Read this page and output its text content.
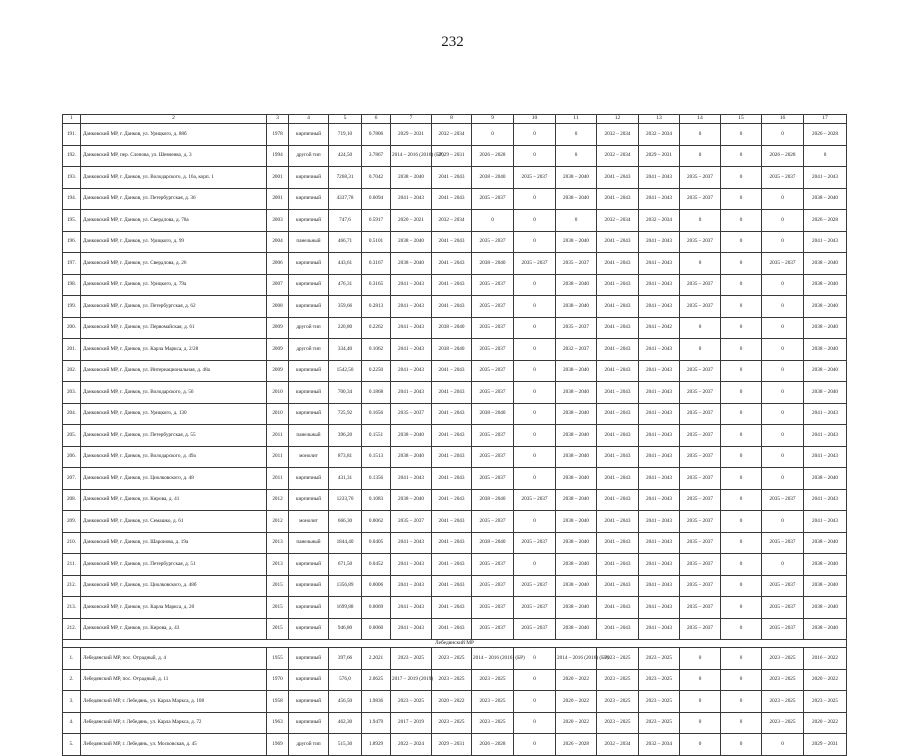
232
1	2	3	4	5	6	7	8	9	10	11	12	13	14	15	16	17
191.	Данковский МР, г. Данков, ул. Урицкого, д. 88б	1978	кирпичный	719,10	0.7806	2029 – 2031	2032 – 2034	0	0	0	2032 – 2034	2032 – 2034	0	0	0	2026 – 2028
192.	Данковский МР, пер. Слепова, ул. Шевченко, д. 3	1994	другой тип	424,50	3.7867	2014 – 2016 (2016) (БР)	2029 – 2031	2026 – 2028	0	0	2032 – 2034	2029 – 2031	0	0	2026 – 2028	0
193.	Данковский МР, г. Данков, ул. Володарского, д. 16а, корп. 1	2001	кирпичный	7268,31	0.7042	2038 – 2040	2041 – 2043	2038 – 2040	2035 – 2037	2038 – 2040	2041 – 2043	2041 – 2043	2035 – 2037	0	2035 – 2037	2041 – 2043
194.	Данковский МР, г. Данков, ул. Петербургская, д. 36	2001	кирпичный	4337,78	0.6094	2041 – 2043	2041 – 2043	2035 – 2037	0	2038 – 2040	2041 – 2043	2041 – 2043	2035 – 2037	0	0	2038 – 2040
195.	Данковский МР, г. Данков, ул. Свердлова, д. 78а	2003	кирпичный	747,6	0.5917	2020 – 2021	2032 – 2034	0	0	0	2032 – 2034	2032 – 2034	0	0	0	2026 – 2028
196.	Данковский МР, г. Данков, ул. Урицкого, д. 99	2004	панельный	466,71	0.5101	2038 – 2040	2041 – 2043	2035 – 2037	0	2038 – 2040	2041 – 2043	2041 – 2043	2035 – 2037	0	0	2041 – 2043
197.	Данковский МР, г. Данков, ул. Свердлова, д. 26	2006	кирпичный	443,61	0.3167	2038 – 2040	2041 – 2043	2038 – 2040	2035 – 2037	2035 – 2037	2041 – 2043	2041 – 2043	0	0	2035 – 2037	2038 – 2040
198.	Данковский МР, г. Данков, ул. Урицкого, д. 79а	2007	кирпичный	476,31	0.3165	2041 – 2043	2041 – 2043	2035 – 2037	0	2038 – 2040	2041 – 2043	2041 – 2043	2035 – 2037	0	0	2038 – 2040
199.	Данковский МР, г. Данков, ул. Петербургская, д. 62	2008	кирпичный	359,66	0.2813	2041 – 2043	2041 – 2043	2035 – 2037	0	2038 – 2040	2041 – 2043	2041 – 2043	2035 – 2037	0	0	2038 – 2040
200.	Данковский МР, г. Данков, ул. Первомайская, д. 61	2009	другой тип	220,80	0.2262	2041 – 2043	2038 – 2040	2035 – 2037	0	2035 – 2037	2041 – 2043	2041 – 2042	0	0	0	2038 – 2040
201.	Данковский МР, г. Данков, ул. Карла Маркса, д. 2/28	2009	другой тип	334,40	0.1062	2041 – 2043	2038 – 2040	2035 – 2037	0	2032 – 2037	2041 – 2043	2041 – 2043	0	0	0	2038 – 2040
202.	Данковский МР, г. Данков, ул. Интернациональная, д. 48а	2009	кирпичный	1542,50	0.2250	2041 – 2043	2041 – 2043	2035 – 2037	0	2038 – 2040	2041 – 2043	2041 – 2043	2035 – 2037	0	0	2038 – 2040
203.	Данковский МР, г. Данков, ул. Володарского, д. 56	2010	кирпичный	700,34	0.1868	2041 – 2043	2041 – 2043	2035 – 2037	0	2038 – 2040	2041 – 2043	2041 – 2043	2035 – 2037	0	0	2038 – 2040
204.	Данковский МР, г. Данков, ул. Урицкого, д. 130	2010	кирпичный	725,92	0.1656	2035 – 2037	2041 – 2043	2038 – 2040	0	2038 – 2040	2041 – 2043	2041 – 2043	2035 – 2037	0	0	2041 – 2043
205.	Данковский МР, г. Данков, ул. Петербургская, д. 55	2011	панельный	396,20	0.1551	2038 – 2040	2041 – 2043	2035 – 2037	0	2038 – 2040	2041 – 2043	2041 – 2043	2035 – 2037	0	0	2041 – 2043
206.	Данковский МР, г. Данков, ул. Володарского, д. 49а	2011	монолит	873,81	0.1513	2038 – 2040	2041 – 2043	2035 – 2037	0	2038 – 2040	2041 – 2043	2041 – 2043	2035 – 2037	0	0	2041 – 2043
207.	Данковский МР, г. Данков, ул. Циолковского, д. 48	2011	кирпичный	431,31	0.1356	2041 – 2043	2041 – 2043	2035 – 2037	0	2038 – 2040	2041 – 2043	2041 – 2043	2035 – 2037	0	0	2038 – 2040
208.	Данковский МР, г. Данков, ул. Кирова, д. 41	2012	кирпичный	1233,70	0.1083	2038 – 2040	2041 – 2043	2038 – 2040	2035 – 2037	2038 – 2040	2041 – 2043	2041 – 2043	2035 – 2037	0	2035 – 2037	2041 – 2043
209.	Данковский МР, г. Данков, ул. Семашко, д. 61	2012	монолит	666,30	0.0062	2035 – 2037	2041 – 2043	2035 – 2037	0	2038 – 2040	2041 – 2043	2041 – 2043	2035 – 2037	0	0	2041 – 2043
210.	Данковский МР, г. Данков, ул. Шаронова, д. 19а	2013	панельный	1844,40	0.0405	2041 – 2043	2041 – 2043	2038 – 2040	2035 – 2037	2038 – 2040	2041 – 2043	2041 – 2043	2035 – 2037	0	2035 – 2037	2038 – 2040
211.	Данковский МР, г. Данков, ул. Петербургская, д. 51	2013	кирпичный	671,50	0.0452	2041 – 2043	2041 – 2043	2035 – 2037	0	2038 – 2040	2041 – 2043	2041 – 2043	2035 – 2037	0	0	2038 – 2040
212.	Данковский МР, г. Данков, ул. Циолковского, д. 48б	2015	кирпичный	1356,89	0.0006	2041 – 2043	2041 – 2043	2035 – 2037	2035 – 2037	2038 – 2040	2041 – 2043	2041 – 2043	2035 – 2037	0	2035 – 2037	2038 – 2040
213.	Данковский МР, г. Данков, ул. Карла Маркса, д. 20	2015	кирпичный	1699,88	0.0069	2041 – 2043	2041 – 2043	2035 – 2037	2035 – 2037	2038 – 2040	2041 – 2043	2041 – 2043	2035 – 2037	0	2035 – 2037	2038 – 2040
212.	Данковский МР, г. Данков, ул. Кирова, д. 43	2015	кирпичный	946,80	0.0060	2041 – 2043	2041 – 2043	2035 – 2037	2035 – 2037	2038 – 2040	2041 – 2043	2041 – 2043	2035 – 2037	0	2035 – 2037	2038 – 2040
Лебедянский МР																
1.	Лебедянский МР, пос. Отрадный, д. 4	1955	кирпичный	397,66	2.2021	2023 – 2025	2023 – 2025	2014 – 2016 (2016) (БР)	0	2014 – 2016 (2016) (БР)	2023 – 2025	2023 – 2025	0	0	2023 – 2025	2016 – 2022
2.	Лебедянский МР, пос. Отрадный, д. 11	1970	кирпичный	576,0	2.0625	2017 – 2019 (2019)	2023 – 2025	2023 – 2025	0	2020 – 2022	2023 – 2025	2023 – 2025	0	0	2023 – 2025	2020 – 2022
3.	Лебедянский МР, г. Лебедянь, ул. Карла Маркса, д. 108	1958	кирпичный	456,50	1.9836	2023 – 2025	2020 – 2022	2023 – 2025	0	2020 – 2022	2023 – 2025	2023 – 2025	0	0	2023 – 2025	2023 – 2025
4.	Лебедянский МР, г. Лебедянь, ул. Карла Маркса, д. 72	1963	кирпичный	462,30	1.9479	2017 – 2019	2023 – 2025	2023 – 2025	0	2020 – 2022	2023 – 2025	2023 – 2025	0	0	2023 – 2025	2020 – 2022
5.	Лебедянский МР, г. Лебедянь, ул. Московская, д. 45	1969	другой тип	515,30	1.8929	2022 – 2024	2029 – 2031	2026 – 2028	0	2026 – 2028	2032 – 2034	2032 – 2034	0	0	0	2029 – 2031
